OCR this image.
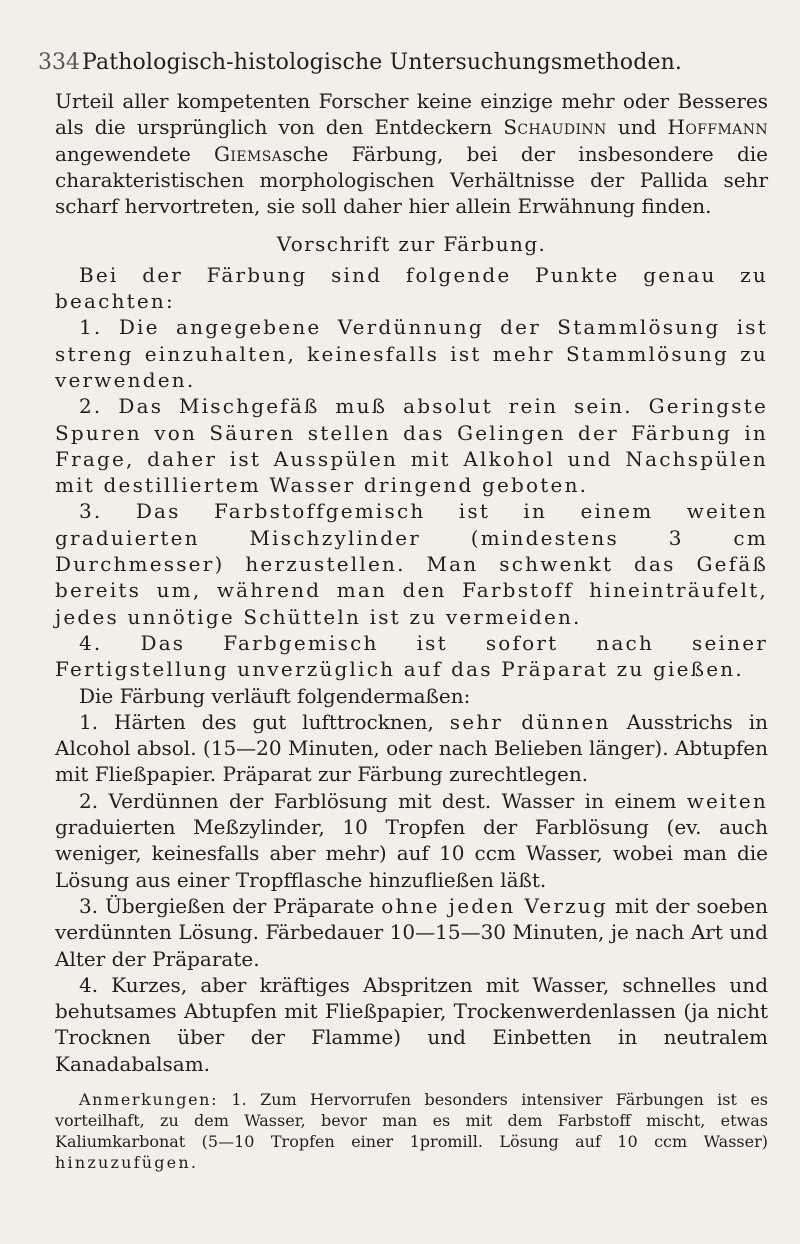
334 Pathologisch-histologische Untersuchungsmethoden.

Urteil aller kompetenten Forscher keine einzige mehr oder Besseres als die ursprünglich von den Entdeckern Schaudinn und Hoffmann angewendete Giemsasche Färbung, bei der insbesondere die charakteristischen morphologischen Verhältnisse der Pallida sehr scharf hervortreten, sie soll daher hier allein Erwähnung finden.

Vorschrift zur Färbung.

Bei der Färbung sind folgende Punkte genau zu beachten:

1. Die angegebene Verdünnung der Stammlösung ist streng einzuhalten, keinesfalls ist mehr Stammlösung zu verwenden.

2. Das Mischgefäß muß absolut rein sein. Geringste Spuren von Säuren stellen das Gelingen der Färbung in Frage, daher ist Ausspülen mit Alkohol und Nachspülen mit destilliertem Wasser dringend geboten.

3. Das Farbstoffgemisch ist in einem weiten graduierten Mischzylinder (mindestens 3 cm Durchmesser) herzustellen. Man schwenkt das Gefäß bereits um, während man den Farbstoff hineinträufelt, jedes unnötige Schütteln ist zu vermeiden.

4. Das Farbgemisch ist sofort nach seiner Fertigstellung unverzüglich auf das Präparat zu gießen.

Die Färbung verläuft folgendermaßen:

1. Härten des gut lufttrocknen, sehr dünnen Ausstrichs in Alcohol absol. (15—20 Minuten, oder nach Belieben länger). Abtupfen mit Fließpapier. Präparat zur Färbung zurechtlegen.

2. Verdünnen der Farblösung mit dest. Wasser in einem weiten graduierten Meßzylinder, 10 Tropfen der Farblösung (ev. auch weniger, keinesfalls aber mehr) auf 10 ccm Wasser, wobei man die Lösung aus einer Tropfflasche hinzufließen läßt.

3. Übergießen der Präparate ohne jeden Verzug mit der soeben verdünnten Lösung. Färbedauer 10—15—30 Minuten, je nach Art und Alter der Präparate.

4. Kurzes, aber kräftiges Abspritzen mit Wasser, schnelles und behutsames Abtupfen mit Fließpapier, Trockenwerdenlassen (ja nicht Trocknen über der Flamme) und Einbetten in neutralem Kanadabalsam.

Anmerkungen: 1. Zum Hervorrufen besonders intensiver Färbungen ist es vorteilhaft, zu dem Wasser, bevor man es mit dem Farbstoff mischt, etwas Kaliumkarbonat (5—10 Tropfen einer 1promill. Lösung auf 10 ccm Wasser) hinzuzufügen.
